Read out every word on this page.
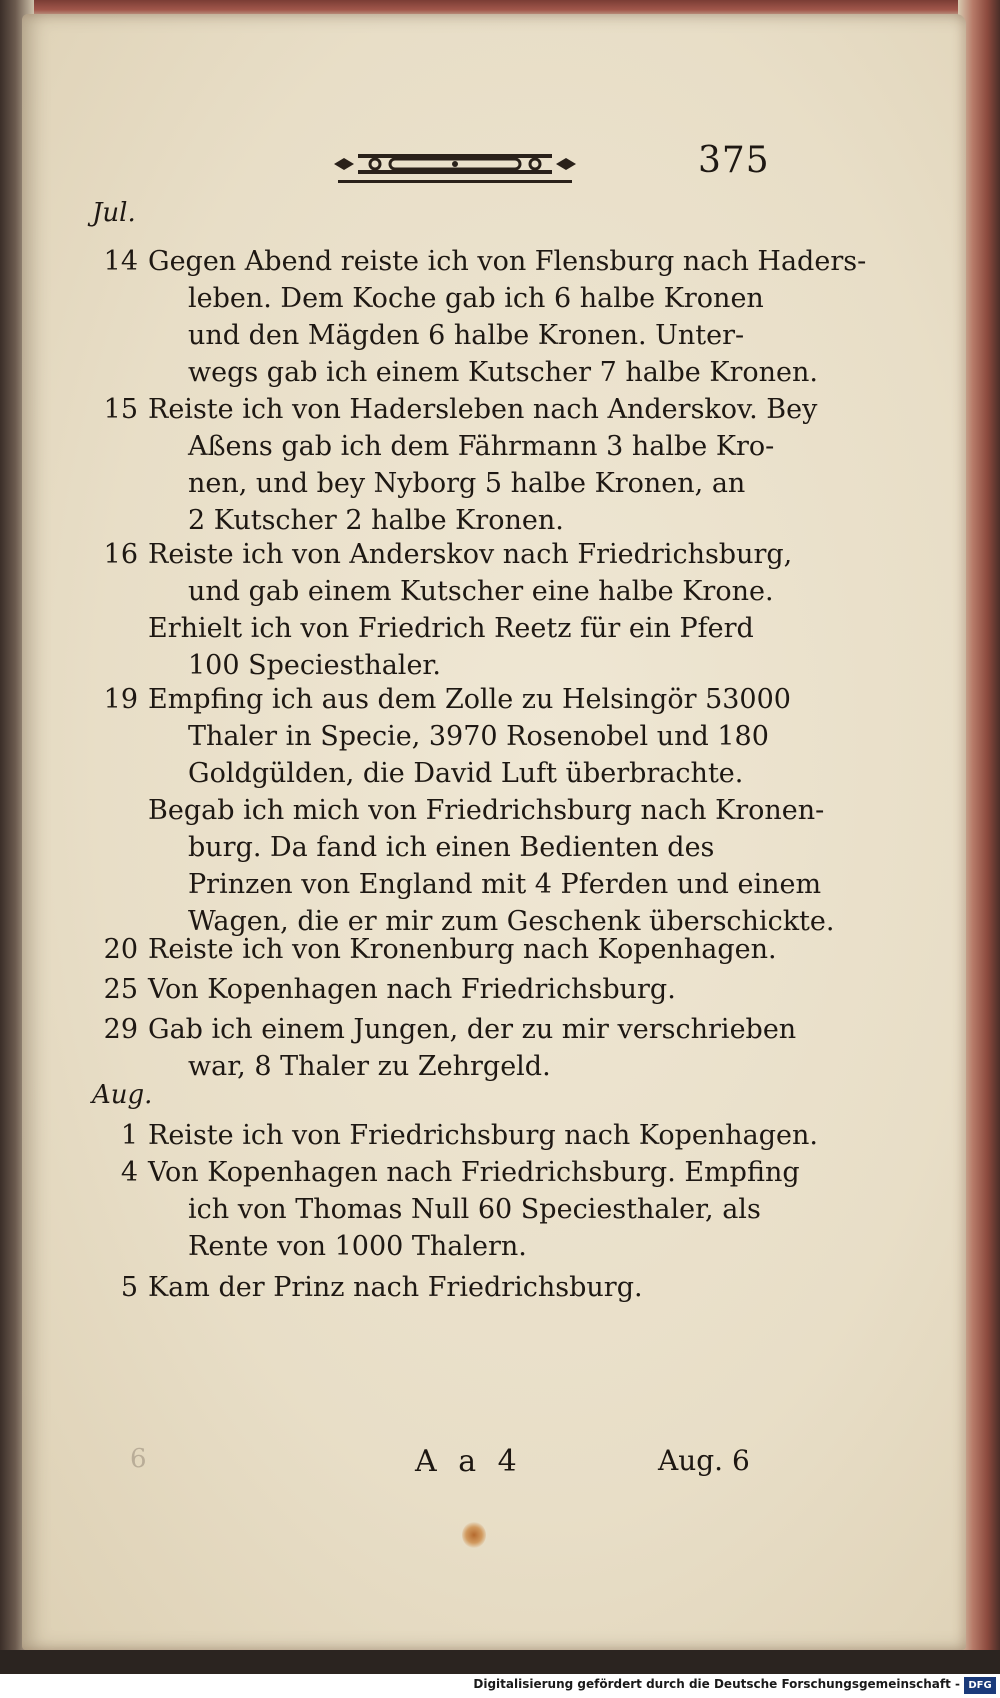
375
Jul.
14 Gegen Abend reiste ich von Flensburg nach Haders-
leben. Dem Koche gab ich 6 halbe Kronen
und den Mägden 6 halbe Kronen. Unter-
wegs gab ich einem Kutscher 7 halbe Kronen.
15 Reiste ich von Hadersleben nach Anderskov. Bey
Aßens gab ich dem Fährmann 3 halbe Kro-
nen, und bey Nyborg 5 halbe Kronen, an
2 Kutscher 2 halbe Kronen.
16 Reiste ich von Anderskov nach Friedrichsburg,
und gab einem Kutscher eine halbe Krone.
Erhielt ich von Friedrich Reetz für ein Pferd
100 Speciesthaler.
19 Empfing ich aus dem Zolle zu Helsingör 53000
Thaler in Specie, 3970 Rosenobel und 180
Goldgülden, die David Luft überbrachte.
Begab ich mich von Friedrichsburg nach Kronen-
burg. Da fand ich einen Bedienten des
Prinzen von England mit 4 Pferden und einem
Wagen, die er mir zum Geschenk überschickte.
20 Reiste ich von Kronenburg nach Kopenhagen.
25 Von Kopenhagen nach Friedrichsburg.
29 Gab ich einem Jungen, der zu mir verschrieben
war, 8 Thaler zu Zehrgeld.
Aug.
1 Reiste ich von Friedrichsburg nach Kopenhagen.
4 Von Kopenhagen nach Friedrichsburg. Empfing
ich von Thomas Null 60 Speciesthaler, als
Rente von 1000 Thalern.
5 Kam der Prinz nach Friedrichsburg.
6	A a 4	Aug. 6
Digitalisierung gefördert durch die Deutsche Forschungsgemeinschaft - DFG
